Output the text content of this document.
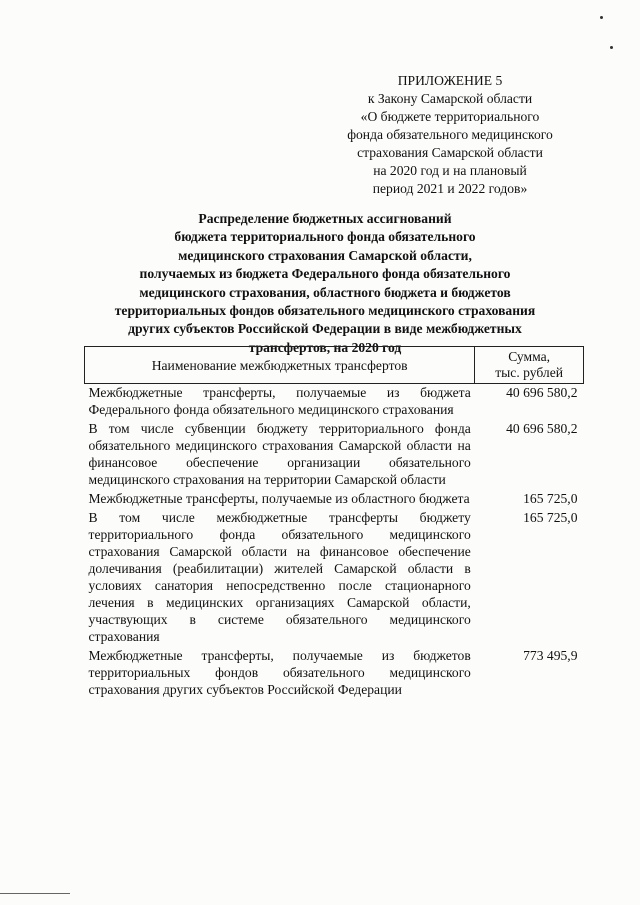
ПРИЛОЖЕНИЕ 5
к Закону Самарской области
«О бюджете территориального
фонда обязательного медицинского
страхования Самарской области
на 2020 год и на плановый
период 2021 и 2022 годов»
Распределение бюджетных ассигнований
бюджета территориального фонда обязательного
медицинского страхования Самарской области,
получаемых из бюджета Федерального фонда обязательного
медицинского страхования, областного бюджета и бюджетов
территориальных фондов обязательного медицинского страхования
других субъектов Российской Федерации в виде межбюджетных
трансфертов, на 2020 год
Наименование межбюджетных трансфертов	Сумма,
тыс. рублей

Межбюджетные трансферты, получаемые из бюджета Федерального фонда обязательного медицинского страхования	40 696 580,2
В том числе субвенции бюджету территориального фонда обязательного медицинского страхования Самарской области на финансовое обеспечение организации обязательного медицинского страхования на территории Самарской области	40 696 580,2
Межбюджетные трансферты, получаемые из областного бюджета	165 725,0
В том числе межбюджетные трансферты бюджету территориального фонда обязательного медицинского страхования Самарской области на финансовое обеспечение долечивания (реабилитации) жителей Самарской области в условиях санатория непосредственно после стационарного лечения в медицинских организациях Самарской области, участвующих в системе обязательного медицинского страхования	165 725,0
Межбюджетные трансферты, получаемые из бюджетов территориальных фондов обязательного медицинского страхования других субъектов Российской Федерации	773 495,9
